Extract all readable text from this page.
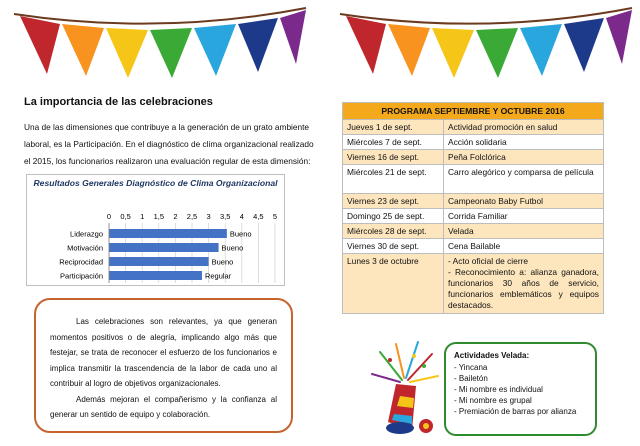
La importancia de las celebraciones
Una de las dimensiones que contribuye a la generación de un grato ambiente laboral, es la Participación. En el diagnóstico de clima organizacional realizado el 2015, los funcionarios realizaron una evaluación regular de esta dimensión:
Resultados Generales Diagnóstico de Clima Organizacional
0 0,5 1 1,5 2 2,5 3 3,5 4 4,5 5
Liderazgo	Bueno
Motivación	Bueno
Reciprocidad	Bueno
Participación	Regular

Las celebraciones son relevantes, ya que generan momentos positivos o de alegría, implicando algo más que festejar, se trata de reconocer el esfuerzo de los funcionarios e implica transmitir la trascendencia de la labor de cada uno al contribuir al logro de objetivos organizacionales.

Además mejoran el compañerismo y la confianza al generar un sentido de equipo y colaboración.

PROGRAMA SEPTIEMBRE Y OCTUBRE 2016	
Jueves 1 de sept.	Actividad promoción en salud
Miércoles 7 de sept.	Acción solidaria
Viernes 16 de sept.	Peña Folclórica
Miércoles 21 de sept.	Carro alegórico y comparsa de película
Viernes 23 de sept.	Campeonato Baby Futbol
Domingo 25 de sept.	Corrida Familiar
Miércoles 28 de sept.	Velada
Viernes 30 de sept.	Cena Bailable
Lunes 3 de octubre	- Acto oficial de cierre
- Reconocimiento a: alianza ganadora, funcionarios 30 años de servicio, funcionarios emblemáticos y equipos destacados.
Actividades Velada:
- Yincana
- Bailetón
- Mi nombre es individual
- Mi nombre es grupal
- Premiación de barras por alianza
